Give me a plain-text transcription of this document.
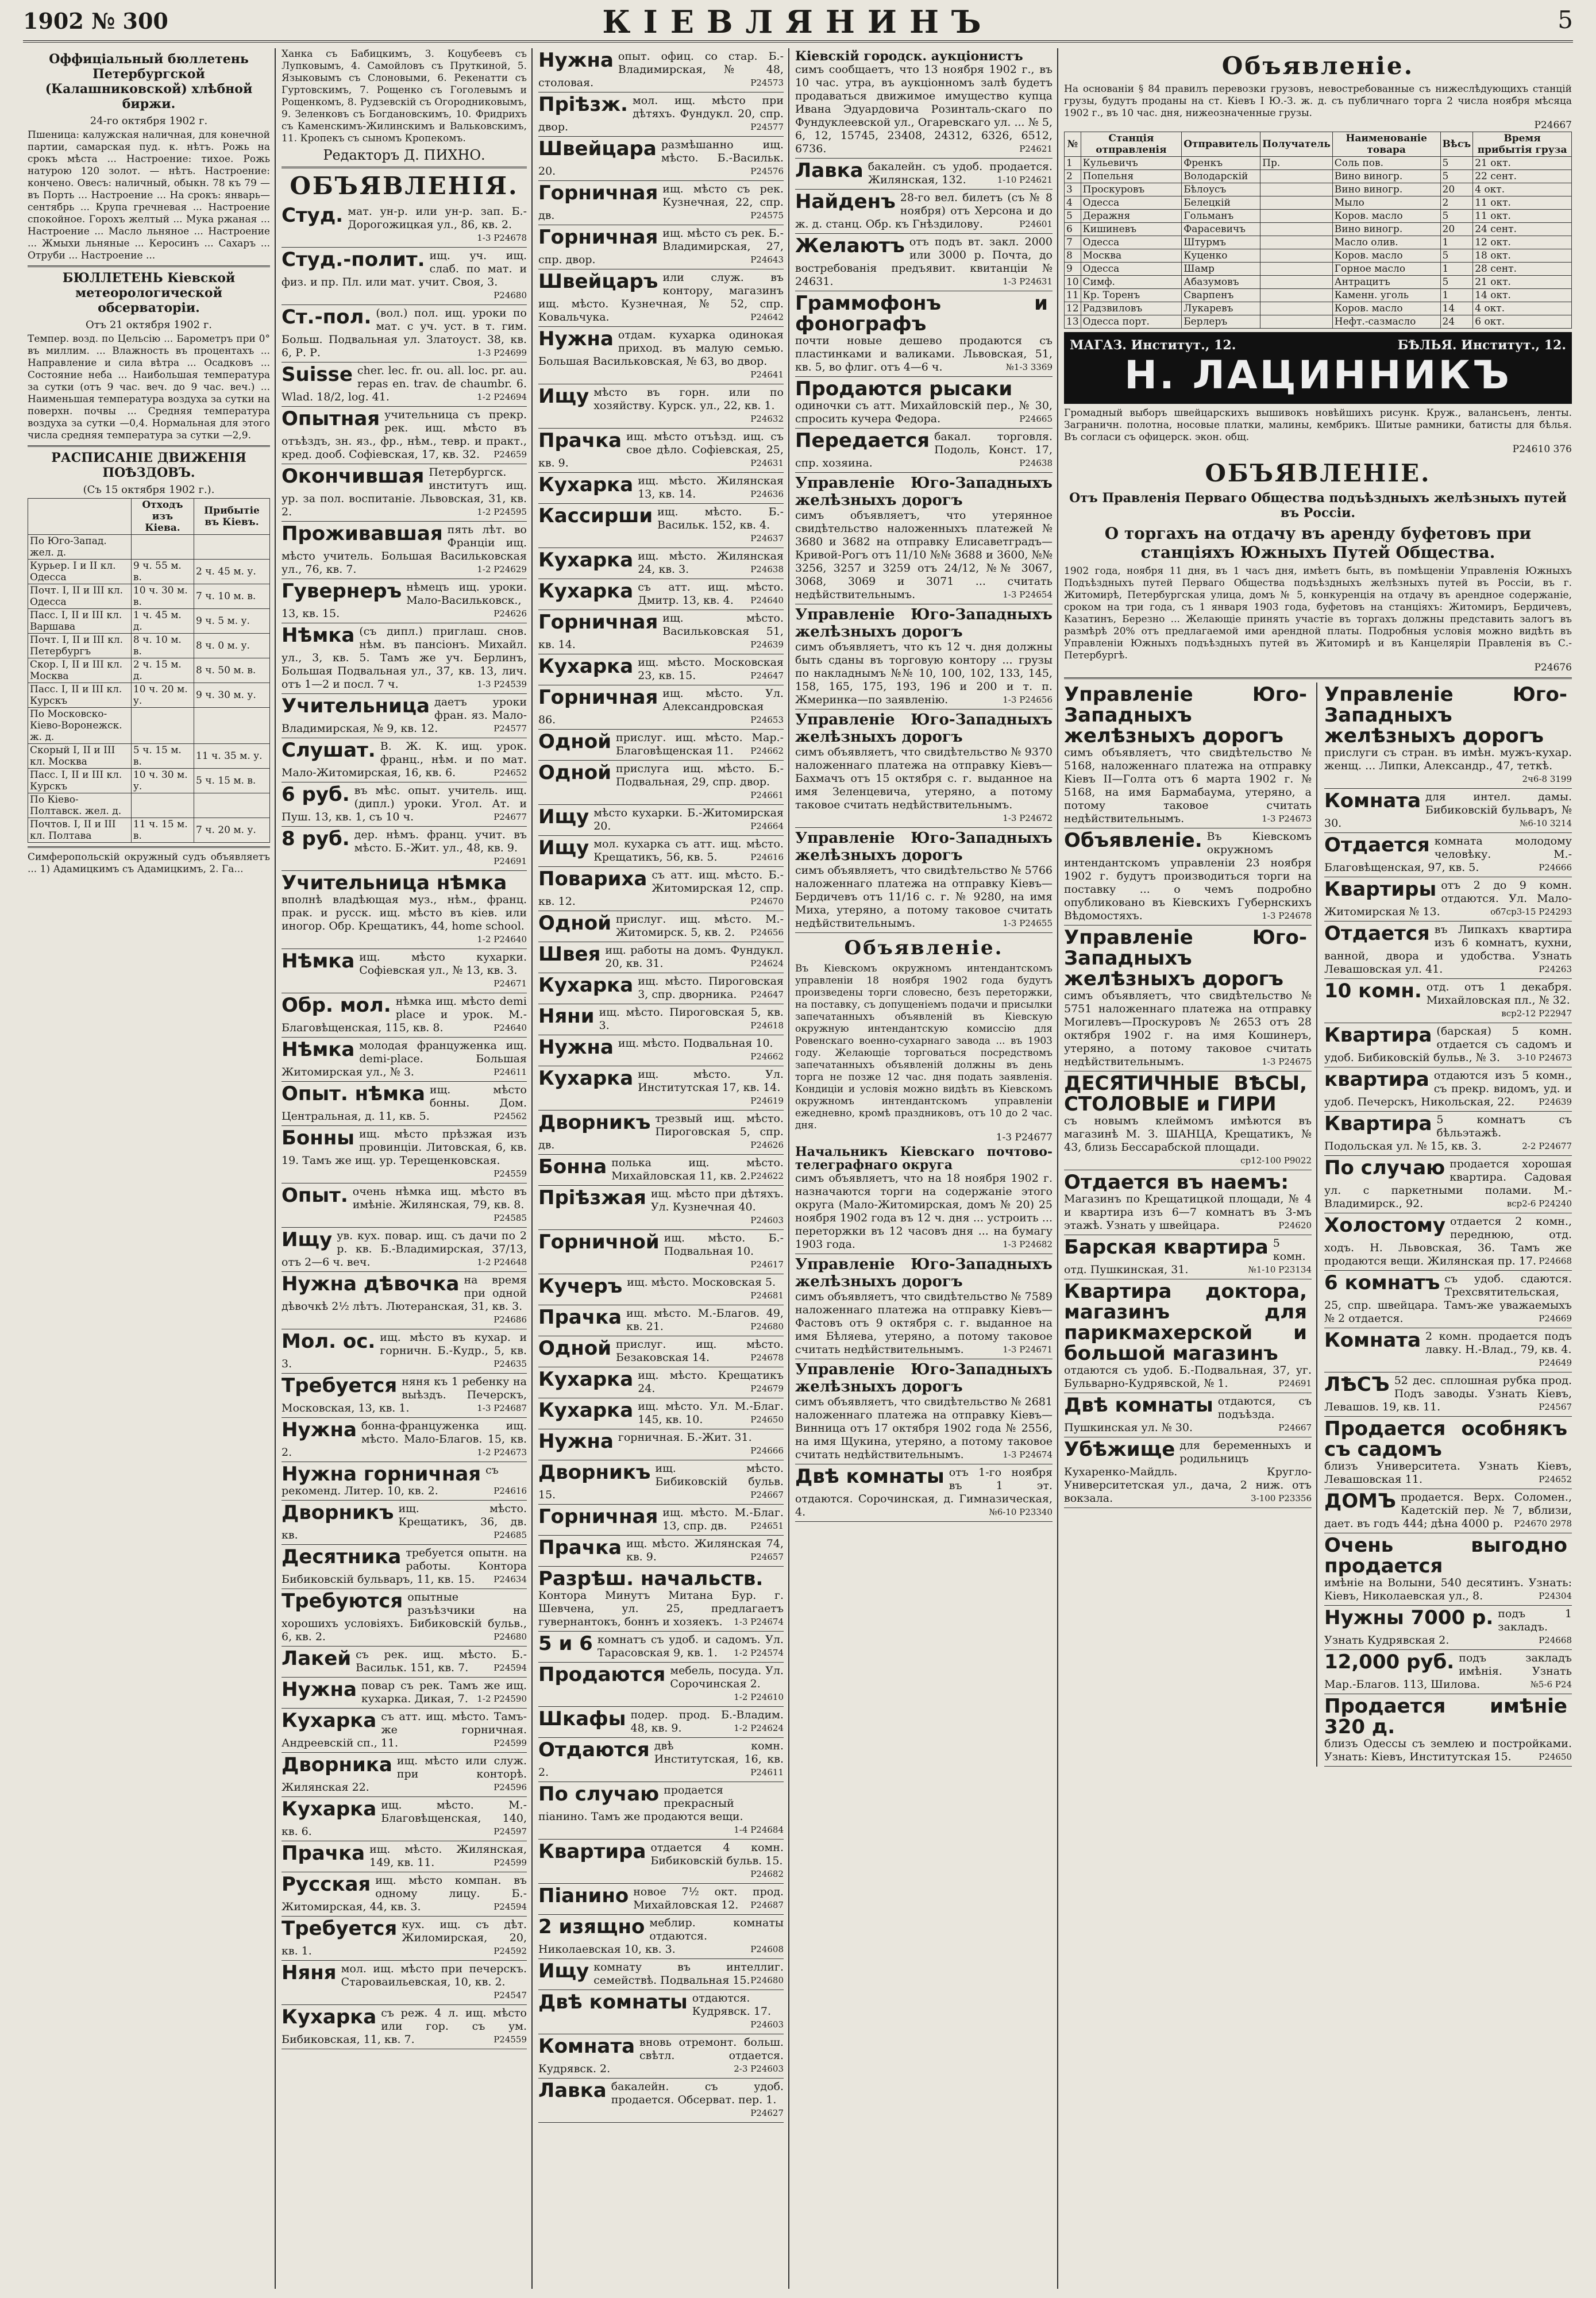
1902 № 300	КІЕВЛЯНИНЪ	5
Оффиціальный бюллетень Петербургской (Калашниковской) хлѣбной биржи.
24-го октября 1902 г.
Пшеница: калужская наличная, для конечной партии, самарская пуд. к. нѣтъ. Рожь на срокъ мѣста ... Настроение: тихое. Рожь натурою 120 золот. — нѣтъ. Настроение: кончено. Овесъ: наличный, обыкн. 78 къ 79 — въ Порть ... Настроение ... На срокъ: январь—сентябрь ... Крупа гречневая ... Настроение спокойное. Горохъ желтый ... Мука ржаная ... Настроение ... Масло льняное ... Настроение ... Жмыхи льняные ... Керосинъ ... Сахаръ ... Отруби ... Настроение ...
БЮЛЛЕТЕНЬ Кіевской метеорологической обсерваторіи.
Отъ 21 октября 1902 г.
Темпер. возд. по Цельсію ... Барометръ при 0° въ миллим. ... Влажность въ процентахъ ... Направление и сила вѣтра ... Осадковъ ... Состояние неба ... Наибольшая температура за сутки (отъ 9 час. веч. до 9 час. веч.) ... Наименьшая температура воздуха за сутки на поверхн. почвы ... Средняя температура воздуха за сутки —0,4. Нормальная для этого числа средняя температура за сутки —2,9.
РАСПИСАНІЕ ДВИЖЕНІЯ ПОѢЗДОВЪ.
(Съ 15 октября 1902 г.).
	Отходъ изъ Кіева.	Прибытіе въ Кіевъ.
По Юго-Запад. жел. д.		
Курьер. I и II кл. Одесса	9 ч. 55 м. в.	2 ч. 45 м. у.
Почт. I, II и III кл. Одесса	10 ч. 30 м. в.	7 ч. 10 м. в.
Пасс. I, II и III кл. Варшава	1 ч. 45 м. д.	9 ч. 5 м. у.
Почт. I, II и III кл. Петербургъ	8 ч. 10 м. в.	8 ч. 0 м. у.
Скор. I, II и III кл. Москва	2 ч. 15 м. д.	8 ч. 50 м. в.
Пасс. I, II и III кл. Курскъ	10 ч. 20 м. у.	9 ч. 30 м. у.
По Московско-Кіево-Воронежск. ж. д.		
Скорый I, II и III кл. Москва	5 ч. 15 м. в.	11 ч. 35 м. у.
Пасс. I, II и III кл. Курскъ	10 ч. 30 м. у.	5 ч. 15 м. в.
По Кіево-Полтавск. жел. д.		
Почтов. I, II и III кл. Полтава	11 ч. 15 м. в.	7 ч. 20 м. у.
Симферопольскій окружный судъ объявляетъ ... 1) Адамицкимъ съ Адамицкимъ, 2. Га...
Ханка съ Бабицкимъ, 3. Коцубеевъ съ Лупковымъ, 4. Самойловъ съ Пруткиной, 5. Языковымъ съ Слоновыми, 6. Рекенатти съ Гуртовскимъ, 7. Рощенко съ Гоголевымъ и Рощенкомъ, 8. Рудзевскій съ Огородниковымъ, 9. Зеленковъ съ Богдановскимъ, 10. Фридрихъ съ Каменскимъ-Жилинскимъ и Вальковскимъ, 11. Кропекъ съ сыномъ Кропекомъ.
Редакторъ Д. ПИХНО.
ОБЪЯВЛЕНІЯ.
Студ. мат. ун-р. или ун-р. зап. Б.-Дорогожицкая ул., 86, кв. 2.
1-3 P24678
Студ.-полит. ищ. уч. ищ. слаб. по мат. и физ. и пр. Пл. или мат. учит. Своя, 3.
P24680
Ст.-пол. (вол.) пол. ищ. уроки по мат. с уч. уст. в т. гим. Больш. Подвальная ул. Златоуст. 38, кв. 6, Р. Р.	1-3 P24699
Suisse cher. lec. fr. ou. all. loc. pr. au. repas en. trav. de chaumbr. 6. Wlad. 18/2, log. 41.	1-2 P24694
Опытная учительница съ прекр. рек. ищ. мѣсто въ отъѣздъ, зн. яз., фр., нѣм., тевр. и практ., кред. дооб. Софіевская, 17, кв. 32. P24659
Окончившая Петербургск. институтъ ищ. ур. за пол. воспитаніе. Львовская, 31, кв. 2.	1-2 P24595
Проживавшая пять лѣт. во Франціи ищ. мѣсто учитель. Большая Васильковская ул., 76, кв. 7.	1-2 P24629
Гувернеръ нѣмецъ ищ. уроки. Мало-Васильковск., 13, кв. 15.	P24626
Нѣмка (съ дипл.) приглаш. снов. нѣм. въ пансіонъ. Михайл. ул., 3, кв. 5. Тамъ же уч. Берлинъ, Большая Подвальная ул., 37, кв. 13, лич. отъ 1—2 и посл. 7 ч.	1-3 P24539
Учительница даетъ уроки фран. яз. Мало-Владимирская, № 9, кв. 12.	P24577
Слушат. В. Ж. К. ищ. урок. франц., нѣм. и по мат. Мало-Житомирская, 16, кв. 6.	P24652
6 руб. въ мѣс. опыт. учитель. ищ. (дипл.) уроки. Угол. Ат. и Пуш. 13, кв. 1, съ 10 ч.	P24677
8 руб. дер. нѣмъ. франц. учит. въ мѣсто. Б.-Жит. ул., 48, кв. 9.
P24691
Учительница нѣмка
вполнѣ владѣющая муз., нѣм., франц. прак. и русск. ищ. мѣсто въ кіев. или иногор. Обр. Крещатикъ, 44, home school.
1-2 P24640
Нѣмка ищ. мѣсто кухарки. Софіевская ул., № 13, кв. 3.
P24671
Обр. мол. нѣмка ищ. мѣсто demi place и урок. М.-Благовѣщенская, 115, кв. 8.	P24640
Нѣмка молодая француженка ищ. demi-place. Большая Житомирская ул., № 3.	P24611
Опыт. нѣмка ищ. мѣсто бонны. Дом. Центральная, д. 11, кв. 5.	P24562
Бонны ищ. мѣсто прѣзжая изъ провинціи. Литовская, 6, кв. 19. Тамъ же ищ. ур. Терещенковская.
P24559
Опыт. очень нѣмка ищ. мѣсто въ имѣніе. Жилянская, 79, кв. 8.
P24585
Ищу ув. кух. повар. ищ. съ дачи по 2 р. кв. Б.-Владимирская, 37/13, отъ 2—6 ч. веч.	1-2 P24648
Нужна дѣвочка на время при одной дѣвочкѣ 2½ лѣтъ. Лютеранская, 31, кв. 3.
P24686
Мол. ос. ищ. мѣсто въ кухар. и горничн. Б.-Кудр., 5, кв. 3.	P24635
Требуется няня къ 1 ребенку на выѣздъ. Печерскъ, Московская, 13, кв. 1.	1-3 P24687
Нужна бонна-француженка ищ. мѣсто. Мало-Благов. 15, кв. 2.	1-2 P24673
Нужна горничная съ рекоменд. Литер. 10, кв. 2.	P24616
Дворникъ ищ. мѣсто. Крещатикъ, 36, дв. кв.	P24685
Десятника требуется опытн. на работы. Конторa Бибиковскій бульваръ, 11, кв. 15. P24634
Требуются опытные разъѣзчики на хорошихъ условіяхъ. Бибиковскій бульв., 6, кв. 2.	P24680
Лакей съ рек. ищ. мѣсто. Б.-Васильк. 151, кв. 7.	P24594
Нужна повар съ рек. Тамъ же ищ. кухарка. Дикая, 7. 1-2 P24590
Кухарка съ атт. ищ. мѣсто. Тамъ-же горничная. Андреевскій сп., 11.	P24599
Дворника ищ. мѣсто или служ. при конторѣ. Жилянская 22.	P24596
Кухарка ищ. мѣсто. М.-Благовѣщенская, 140, кв. 6.	P24597
Прачка ищ. мѣсто. Жилянская, 149, кв. 11.	P24599
Русская ищ. мѣсто компан. въ одному лицу. Б.-Житомирская, 44, кв. 3.	P24594
Требуется кух. ищ. съ дѣт. Жиломирская, 20, кв. 1.	P24592
Няня мол. ищ. мѣсто при печерскъ. Староваильевская, 10, кв. 2.
P24547
Кухарка съ реж. 4 л. ищ. мѣсто или гор. съ ум. Бибиковская, 11, кв. 7.	P24559
Нужна опыт. офиц. со стар. Б.-Владимирская, № 48, столовая.	P24573
Пріѣзж. мол. ищ. мѣсто при дѣтяхъ. Фундукл. 20, спр. двор.	P24577
Швейцара размѣшанно ищ. мѣсто. Б.-Васильк. 20.	P24576
Горничная ищ. мѣсто съ рек. Кузнечная, 22, спр. дв.	P24575
Горничная ищ. мѣсто съ рек. Б.-Владимирская, 27, спр. двор.	P24643
Швейцаръ или служ. въ контору, магазинъ ищ. мѣсто. Кузнечная, № 52, спр. Ковальчука.	P24642
Нужна отдам. кухарка одинокая приход. въ малую семью. Большая Васильковская, № 63, во двор.
P24641
Ищу мѣсто въ горн. или по хозяйству. Курск. ул., 22, кв. 1.
P24632
Прачка ищ. мѣсто отъѣзд. ищ. съ свое дѣло. Софіевская, 25, кв. 9.	P24631
Кухарка ищ. мѣсто. Жилянская 13, кв. 14.	P24636
Кассирши ищ. мѣсто. Б.-Васильк. 152, кв. 4.
P24637
Кухарка ищ. мѣсто. Жилянская 24, кв. 3.	P24638
Кухарка съ атт. ищ. мѣсто. Дмитр. 13, кв. 4. P24640
Горничная ищ. мѣсто. Васильковская 51, кв. 14.	P24639
Кухарка ищ. мѣсто. Московская 23, кв. 15.	P24647
Горничная ищ. мѣсто. Ул. Александровская 86.	P24653
Одной прислуг. ищ. мѣсто. Мар.-Благовѣщенская 11. P24662
Одной прислуга ищ. мѣсто. Б.-Подвальная, 29, спр. двор.
P24661
Ищу мѣсто кухарки. Б.-Житомирская 20.	P24664
Ищу мол. кухарка съ атт. ищ. мѣсто. Крещатикъ, 56, кв. 5.	P24616
Повариха съ атт. ищ. мѣсто. Б.-Житомирская 12, спр. кв. 12.	P24670
Одной прислуг. ищ. мѣсто. М.-Житомирск. 5, кв. 2. P24656
Швея ищ. работы на домъ. Фундукл. 20, кв. 31.	P24624
Кухарка ищ. мѣсто. Пироговская 3, спр. дворника. P24647
Няни ищ. мѣсто. Пироговская 5, кв. 3.	P24618
Нужна ищ. мѣсто. Подвальная 10.
P24662
Кухарка ищ. мѣсто. Ул. Институтская 17, кв. 14.
P24619
Дворникъ трезвый ищ. мѣсто. Пироговская 5, спр. дв.	P24626
Бонна полька ищ. мѣсто. Михайловская 11, кв. 2. P24622
Пріѣзжая ищ. мѣсто при дѣтяхъ. Ул. Кузнечная 40.
P24603
Горничной ищ. мѣсто. Б.-Подвальная 10.
P24617
Кучеръ ищ. мѣсто. Московская 5.
P24681
Прачка ищ. мѣсто. М.-Благов. 49, кв. 21.	P24680
Одной прислуг. ищ. мѣсто. Безаковская 14.	P24678
Кухарка ищ. мѣсто. Крещатикъ 24.	P24679
Кухарка ищ. мѣсто. Ул. М.-Благ. 145, кв. 10.	P24650
Нужна горничная. Б.-Жит. 31.
P24666
Дворникъ ищ. мѣсто. Бибиковскій бульв. 15.	P24667
Горничная ищ. мѣсто. М.-Благ. 13, спр. дв.	P24651
Прачка ищ. мѣсто. Жилянская 74, кв. 9.	P24657
Разрѣш. начальств.
Контора Минутъ Митана Бур. г. Шевчена, ул. 25, предлагаетъ гувернантокъ, боннъ и хозяекъ. 1-3 P24674
5 и 6 комнатъ съ удоб. и садомъ. Ул. Тарасовская 9, кв. 1. 1-2 P24574
Продаются мебель, посуда. Ул. Сорочинская 2.
1-2 P24610
Шкафы подер. прод. Б.-Владим. 48, кв. 9.	1-2 P24624
Отдаются двѣ комн. Институтская, 16, кв. 2.	P24611
По случаю продается прекрасный піанино. Тамъ же продаются вещи.
1-4 P24684
Квартира отдается 4 комн. Бибиковскій бульв. 15.
P24682
Піанино новое 7½ окт. прод. Михайловская 12. P24687
2 изящно меблир. комнаты отдаются. Николаевская 10, кв. 3.	P24608
Ищу комнату въ интеллиг. семействѣ. Подвальная 15. P24680
Двѣ комнаты отдаются. Кудрявск. 17.
P24603
Комната вновь отремонт. больш. свѣтл. отдается. Кудрявск. 2.	2-3 P24603
Лавка бакалейн. съ удоб. продается. Обсерват. пер. 1.
P24627
Кіевскій городск. аукціонистъ
симъ сообщаетъ, что 13 ноября 1902 г., въ 10 час. утра, въ аукціонномъ залѣ будетъ продаваться движимое имущество купца Ивана Эдуардовича Розинталь-скаго по Фундуклеевской ул., Огаревскаго ул. ... № 5, 6, 12, 15745, 23408, 24312, 6326, 6512, 6736.	P24621
Лавка бакалейн. съ удоб. продается. Жилянская, 132.	1-10 P24621
Найденъ 28-го вел. билетъ (съ № 8 ноября) отъ Херсона и до ж. д. станц. Обр. къ Гнѣздилову.	P24601
Желаютъ отъ подъ вт. закл. 2000 или 3000 р. Почта, до востребованія предъявит. квитанціи № 24631.	1-3 P24631
Граммофонъ и фонографъ
почти новые дешево продаются съ пластинками и валиками. Львовская, 51, кв. 5, во флиг. отъ 4—6 ч.	№1-3 3369
Продаются рысаки
одиночки съ атт. Михайловскій пер., № 30, спросить кучера Федора.	P24665
Передается бакал. торговля. Подоль, Конст. 17, спр. хозяина.	P24638
Управленіе Юго-Западныхъ желѣзныхъ дорогъ
симъ объявляетъ, что утерянное свидѣтельство наложенныхъ платежей № 3680 и 3682 на отправку Елисаветградъ—Кривой-Рогъ отъ 11/10 №№ 3688 и 3600, №№ 3256, 3257 и 3259 отъ 24/12, №№ 3067, 3068, 3069 и 3071 ... считать недѣйствительнымъ.	1-3 P24654
Управленіе Юго-Западныхъ желѣзныхъ дорогъ
симъ объявляетъ, что къ 12 ч. дня должны быть сданы въ торговую контору ... грузы по накладнымъ №№ 10, 100, 102, 133, 145, 158, 165, 175, 193, 196 и 200 и т. п. Жмеринка—по заявленію.	1-3 P24656
Управленіе Юго-Западныхъ желѣзныхъ дорогъ
симъ объявляетъ, что свидѣтельство № 9370 наложеннаго платежа на отправку Кіевъ—Бахмачъ отъ 15 октября с. г. выданное на имя Зеленцевича, утеряно, а потому таковое считать недѣйствительнымъ.
1-3 P24672
Управленіе Юго-Западныхъ желѣзныхъ дорогъ
симъ объявляетъ, что свидѣтельство № 5766 наложеннаго платежа на отправку Кіевъ—Бердичевъ отъ 11/16 с. г. № 9280, на имя Миха, утеряно, а потому таковое считать недѣйствительнымъ.	1-3 P24655
Объявленіе.
Въ Кіевскомъ окружномъ интендантскомъ управленіи 18 ноября 1902 года будутъ произведены торги словесно, безъ переторжки, на поставку, съ допущеніемъ подачи и присылки запечатанныхъ объявленій въ Кіевскую окружную интендантскую комиссію для Ровенскаго военно-сухарнаго завода ... въ 1903 году. Желающіе торговаться посредствомъ запечатанныхъ объявленій должны въ день торга не позже 12 час. дня подать заявленія. Кондиціи и условія можно видѣть въ Кіевскомъ окружномъ интендантскомъ управленіи ежедневно, кромѣ праздниковъ, отъ 10 до 2 час. дня.
1-3 P24677
Начальникъ Кіевскаго почтово-телеграфнаго округа
симъ объявляетъ, что на 18 ноября 1902 г. назначаются торги на содержаніе этого округа (Мало-Житомирская, домъ № 20) 25 ноября 1902 года въ 12 ч. дня ... устроить ... переторжки въ 12 часовъ дня ... на бумагу 1903 года.	1-3 P24682
Управленіе Юго-Западныхъ желѣзныхъ дорогъ
симъ объявляетъ, что свидѣтельство № 7589 наложеннаго платежа на отправку Кіевъ—Фастовъ отъ 9 октября с. г. выданное на имя Бѣляева, утеряно, а потому таковое считать недѣйствительнымъ.	1-3 P24671
Управленіе Юго-Западныхъ желѣзныхъ дорогъ
симъ объявляетъ, что свидѣтельство № 2681 наложеннаго платежа на отправку Кіевъ—Винница отъ 17 октября 1902 года № 2556, на имя Щукина, утеряно, а потому таковое считать недѣйствительнымъ.	1-3 P24674
Двѣ комнаты отъ 1-го ноября въ 1 эт. отдаются. Сорочинская, д. Гимназическая, 4.	№6-10 P23340
Объявленіе.
На основаніи § 84 правилъ перевозки грузовъ, невостребованные съ нижеслѣдующихъ станцій грузы, будутъ проданы на ст. Кіевъ I Ю.-З. ж. д. съ публичнаго торга 2 числа ноября мѣсяца 1902 г., въ 10 час. дня, нижеозначенные грузы.
P24667
№	Станція отправленія	Отправитель	Получатель	Наименованіе товара	Вѣсъ	Время прибытія груза
1	Кульевичъ	Френкъ	Пр.	Соль пов.	5	21 окт.
2	Попельня	Володарскій		Вино виногр.	5	22 сент.
3	Проскуровъ	Бѣлоусъ		Вино виногр.	20	4 окт.
4	Одесса	Белецкій		Мыло	2	11 окт.
5	Деражня	Гольманъ		Коров. масло	5	11 окт.
6	Кишиневъ	Фарасевичъ		Вино виногр.	20	24 сент.
7	Одесса	Штурмъ		Масло олив.	1	12 окт.
8	Москва	Куценко		Коров. масло	5	18 окт.
9	Одесса	Шамр		Горное масло	1	28 сент.
10	Симф.	Абазумовъ		Антрацитъ	5	21 окт.
11	Кр. Торенъ	Сварпенъ		Каменн. уголь	1	14 окт.
12	Радзвиловъ	Лукаревъ		Коров. масло	14	4 окт.
13	Одесса порт.	Берлеръ		Нефт.-сазмасло	24	6 окт.
МАГАЗ. Институт., 12.	БѢЛЬЯ. Институт., 12.
Н. ЛАЦИННИКЪ
Громадный выборъ швейцарскихъ вышивокъ новѣйшихъ рисунк. Круж., валансьенъ, ленты. Заграничн. полотна, носовые платки, малины, кембрикъ. Шитые рамники, батисты для бѣлья. Въ согласи съ офицерск. экон. общ.
P24610 376
ОБЪЯВЛЕНІЕ.
Отъ Правленія Перваго Общества подъѣздныхъ желѣзныхъ путей въ Россіи.
О торгахъ на отдачу въ аренду буфетовъ при станціяхъ Южныхъ Путей Общества.
1902 года, ноября 11 дня, въ 1 часъ дня, имѣетъ быть, въ помѣщеніи Управленія Южныхъ Подъѣздныхъ путей Перваго Общества подъѣздныхъ желѣзныхъ путей въ Россіи, въ г. Житомирѣ, Петербургская улица, домъ № 5, конкуренція на отдачу въ арендное содержаніе, сроком на три года, съ 1 января 1903 года, буфетовъ на станціяхъ: Житомиръ, Бердичевъ, Казатинъ, Березно ... Желающіе принять участіе въ торгахъ должны представить залогъ въ размѣрѣ 20% отъ предлагаемой ими арендной платы. Подробныя условія можно видѣть въ Управленіи Южныхъ подъѣздныхъ путей въ Житомирѣ и въ Канцеляріи Правленія въ С.-Петербургѣ.
P24676
Управленіе Юго-Западныхъ желѣзныхъ дорогъ
симъ объявляетъ, что свидѣтельство № 5168, наложеннаго платежа на отправку Кіевъ II—Голта отъ 6 марта 1902 г. № 5168, на имя Бармабаума, утеряно, а потому таковое считать недѣйствительнымъ.	1-3 P24673
Объявленіе. Въ Кіевскомъ окружномъ интендантскомъ управленіи 23 ноября 1902 г. будутъ производиться торги на поставку ... о чемъ подробно опубликовано въ Кіевскихъ Губернскихъ Вѣдомостяхъ.	1-3 P24678
Управленіе Юго-Западныхъ желѣзныхъ дорогъ
симъ объявляетъ, что свидѣтельство № 5751 наложеннаго платежа на отправку Могилевъ—Проскуровъ № 2653 отъ 28 октября 1902 г. на имя Кошинеръ, утеряно, а потому таковое считать недѣйствительнымъ.	1-3 P24675
ДЕСЯТИЧНЫЕ ВѢСЫ, СТОЛОВЫЕ и ГИРИ
съ новымъ клеймомъ имѣются въ магазинѣ М. З. ШАНЦА, Крещатикъ, № 43, близь Бессарабской площади.
ср12-100 P9022
Отдается въ наемъ:
Магазинъ по Крещатицкой площади, № 4 и квартира изъ 6—7 комнатъ въ 3-мъ этажѣ. Узнать у швейцара.	P24620
Барская квартира 5 комн. отд. Пушкинская, 31.	№1-10 P23134
Квартира доктора, магазинъ для парикмахерской и большой магазинъ
отдаются съ удоб. Б.-Подвальная, 37, уг. Бульварно-Кудрявской, № 1.	P24691
Двѣ комнаты отдаются, съ подъѣзда. Пушкинская ул. № 30.	P24667
Убѣжище для беременныхъ и родильницъ Кухаренко-Майдль. Кругло-Университетская ул., дача, 2 ниж. отъ вокзала.	3-100 P23356
Управленіе Юго-Западныхъ желѣзныхъ дорогъ
прислуги съ стран. въ имѣн. мужъ-кухар. женщ. ... Липки, Александр., 47, теткѣ.
2ч6-8 3199
Комната для интел. дамы. Бибиковскій бульваръ, № 30.	№6-10 3214
Отдается комната молодому человѣку. М.-Благовѣщенская, 97, кв. 5.	P24666
Квартиры отъ 2 до 9 комн. отдаются. Ул. Мало-Житомирская № 13.	об7ср3-15 P24293
Отдается въ Липкахъ квартира изъ 6 комнатъ, кухни, ванной, двора и удобства. Узнать Левашовская ул. 41.	P24263
10 комн. отд. отъ 1 декабря. Михайловская пл., № 32.
вср2-12 P22947
Квартира (барская) 5 комн. отдается съ садомъ и удоб. Бибиковскій бульв., № 3. 3-10 P24673
квартира отдаются изъ 5 комн., съ прекр. видомъ, уд. и удоб. Печерскъ, Никольская, 22.	P24639
Квартира 5 комнатъ съ бѣльэтажѣ. Подольская ул. № 15, кв. 3.	2-2 P24677
По случаю продается хорошая квартира. Садовая ул. с паркетными полами. М.-Владимирск., 92.	вср2-6 P24240
Холостому отдается 2 комн., переднюю, отд. ходъ. Н. Львовская, 36. Тамъ же продаются вещи. Жилянская пр. 17. P24668
6 комнатъ съ удоб. сдаются. Трехсвятительская, 25, спр. швейцара. Тамъ-же уважаемыхъ № 2 отдается.	P24669
Комната 2 комн. продается подъ лавку. Н.-Влад., 79, кв. 4.
P24649
ЛѢСЪ 52 дес. сплошная рубка прод. Подъ заводы. Узнать Кіевъ, Левашов. 19, кв. 11.	P24567
Продается особнякъ съ садомъ
близъ Университета. Узнать Кіевъ, Левашовская 11.	P24652
ДОМЪ продается. Верх. Соломен., Кадетскій пер. № 7, вблизи, дает. въ годъ 444; дѣна 4000 р. P24670 2978
Очень выгодно продается
имѣніе на Волыни, 540 десятинъ. Узнать: Кіевъ, Николаевская ул., 8.	P24304
Нужны 7000 р. подъ 1 закладъ. Узнать Кудрявская 2.	P24668
12,000 руб. подъ закладъ имѣнія. Узнать Мар.-Благов. 113, Шилова.	№5-6 P24
Продается имѣніе 320 д.
близъ Одессы съ землею и постройками. Узнать: Кіевъ, Институтская 15.	P24650
